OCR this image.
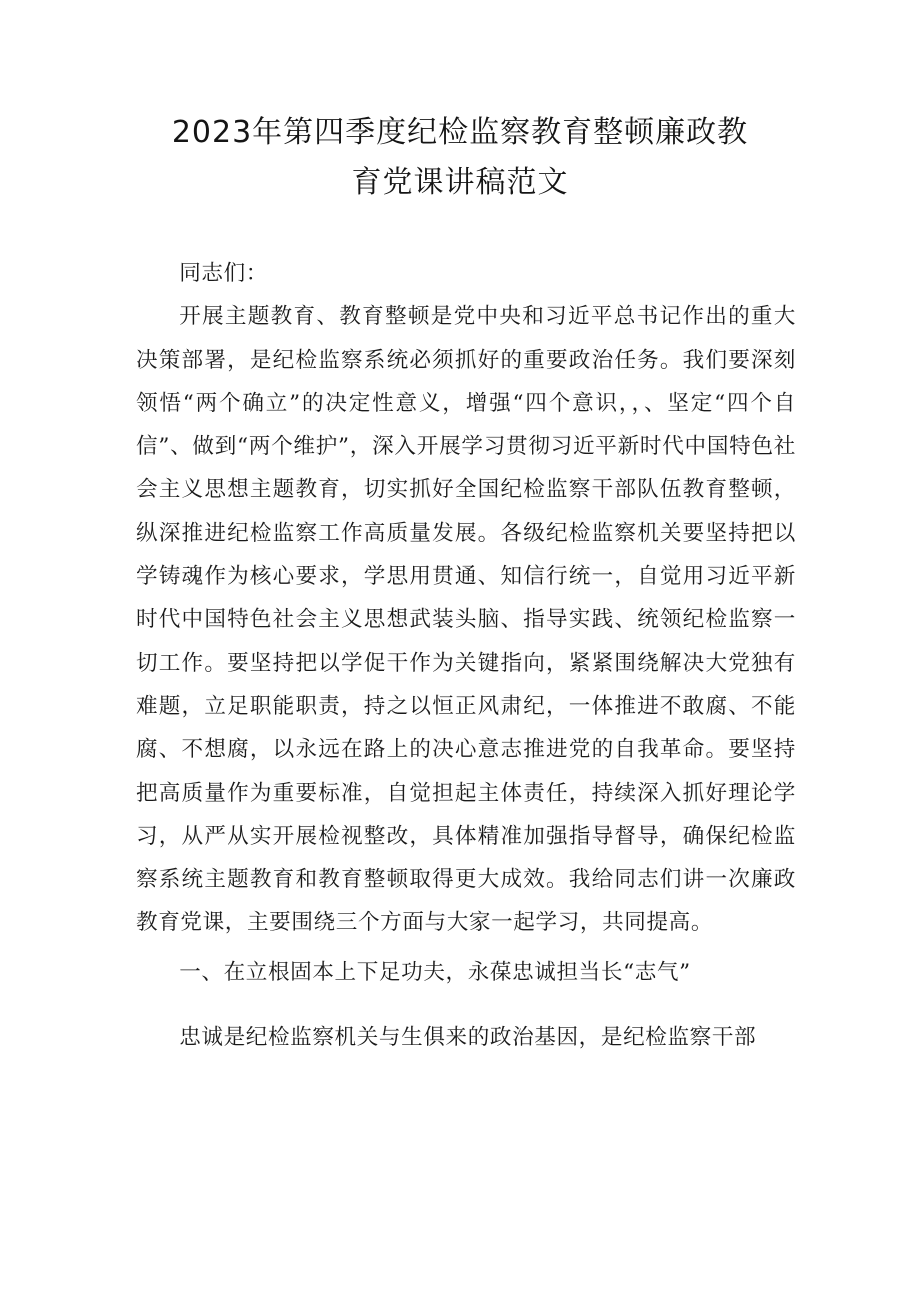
2023年第四季度纪检监察教育整顿廉政教
育党课讲稿范文

同志们：

开展主题教育、教育整顿是党中央和习近平总书记作出的重大决策部署，是纪检监察系统必须抓好的重要政治任务。我们要深刻领悟“两个确立”的决定性意义，增强“四个意识，，、坚定“四个自信”、做到“两个维护”，深入开展学习贯彻习近平新时代中国特色社会主义思想主题教育，切实抓好全国纪检监察干部队伍教育整顿，纵深推进纪检监察工作高质量发展。各级纪检监察机关要坚持把以学铸魂作为核心要求，学思用贯通、知信行统一，自觉用习近平新时代中国特色社会主义思想武装头脑、指导实践、统领纪检监察一切工作。要坚持把以学促干作为关键指向，紧紧围绕解决大党独有难题，立足职能职责，持之以恒正风肃纪，一体推进不敢腐、不能腐、不想腐，以永远在路上的决心意志推进党的自我革命。要坚持把高质量作为重要标准，自觉担起主体责任，持续深入抓好理论学习，从严从实开展检视整改，具体精准加强指导督导，确保纪检监察系统主题教育和教育整顿取得更大成效。我给同志们讲一次廉政教育党课，主要围绕三个方面与大家一起学习，共同提高。

一、在立根固本上下足功夫，永葆忠诚担当长“志气”

忠诚是纪检监察机关与生俱来的政治基因，是纪检监察干部
